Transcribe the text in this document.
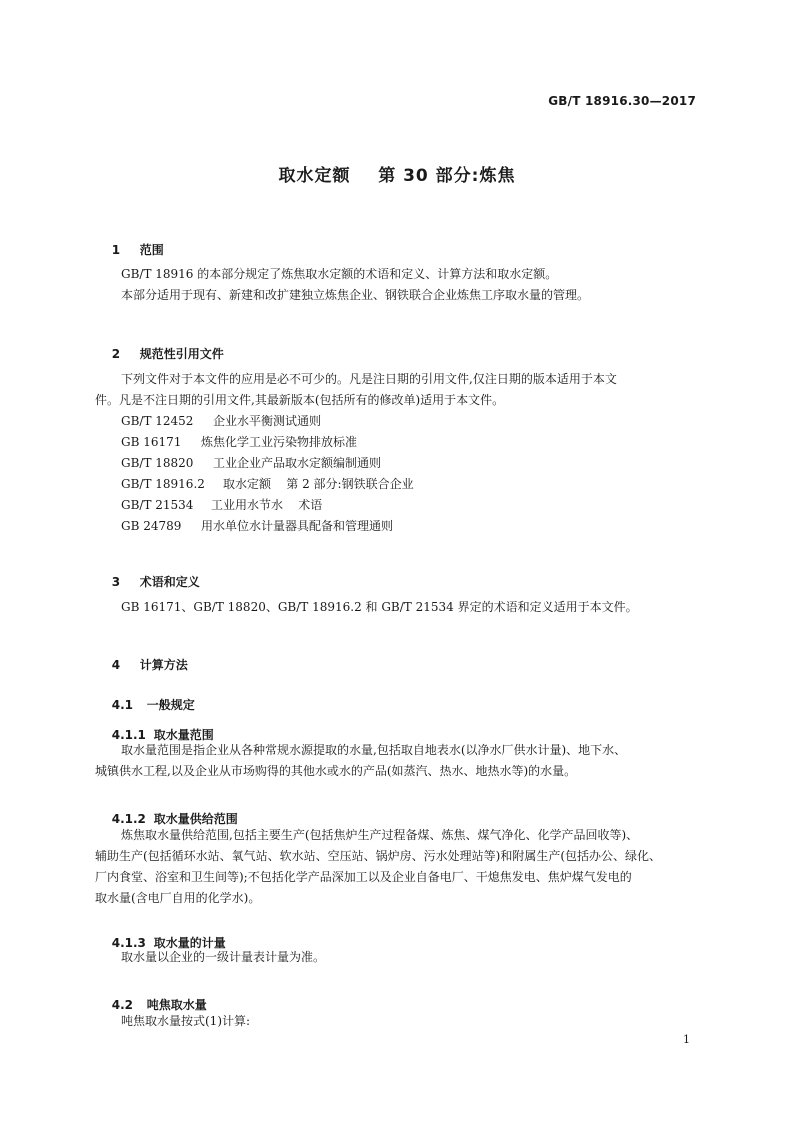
GB/T 18916.30—2017
取水定额    第 30 部分:炼焦

1 范围

GB/T 18916 的本部分规定了炼焦取水定额的术语和定义、计算方法和取水定额。
本部分适用于现有、新建和改扩建独立炼焦企业、钢铁联合企业炼焦工序取水量的管理。

2 规范性引用文件

下列文件对于本文件的应用是必不可少的。凡是注日期的引用文件,仅注日期的版本适用于本文
件。凡是不注日期的引用文件,其最新版本(包括所有的修改单)适用于本文件。
GB/T 12452 企业水平衡测试通则
GB 16171 炼焦化学工业污染物排放标准
GB/T 18820 工业企业产品取水定额编制通则
GB/T 18916.2 取水定额    第 2 部分:钢铁联合企业
GB/T 21534 工业用水节水    术语
GB 24789 用水单位水计量器具配备和管理通则

3 术语和定义

GB 16171、GB/T 18820、GB/T 18916.2 和 GB/T 21534 界定的术语和定义适用于本文件。

4 计算方法

4.1 一般规定

4.1.1 取水量范围

取水量范围是指企业从各种常规水源提取的水量,包括取自地表水(以净水厂供水计量)、地下水、
城镇供水工程,以及企业从市场购得的其他水或水的产品(如蒸汽、热水、地热水等)的水量。

4.1.2 取水量供给范围

炼焦取水量供给范围,包括主要生产(包括焦炉生产过程备煤、炼焦、煤气净化、化学产品回收等)、
辅助生产(包括循环水站、氧气站、软水站、空压站、锅炉房、污水处理站等)和附属生产(包括办公、绿化、
厂内食堂、浴室和卫生间等);不包括化学产品深加工以及企业自备电厂、干熄焦发电、焦炉煤气发电的
取水量(含电厂自用的化学水)。

4.1.3 取水量的计量

取水量以企业的一级计量表计量为准。

4.2 吨焦取水量

吨焦取水量按式(1)计算:
1
